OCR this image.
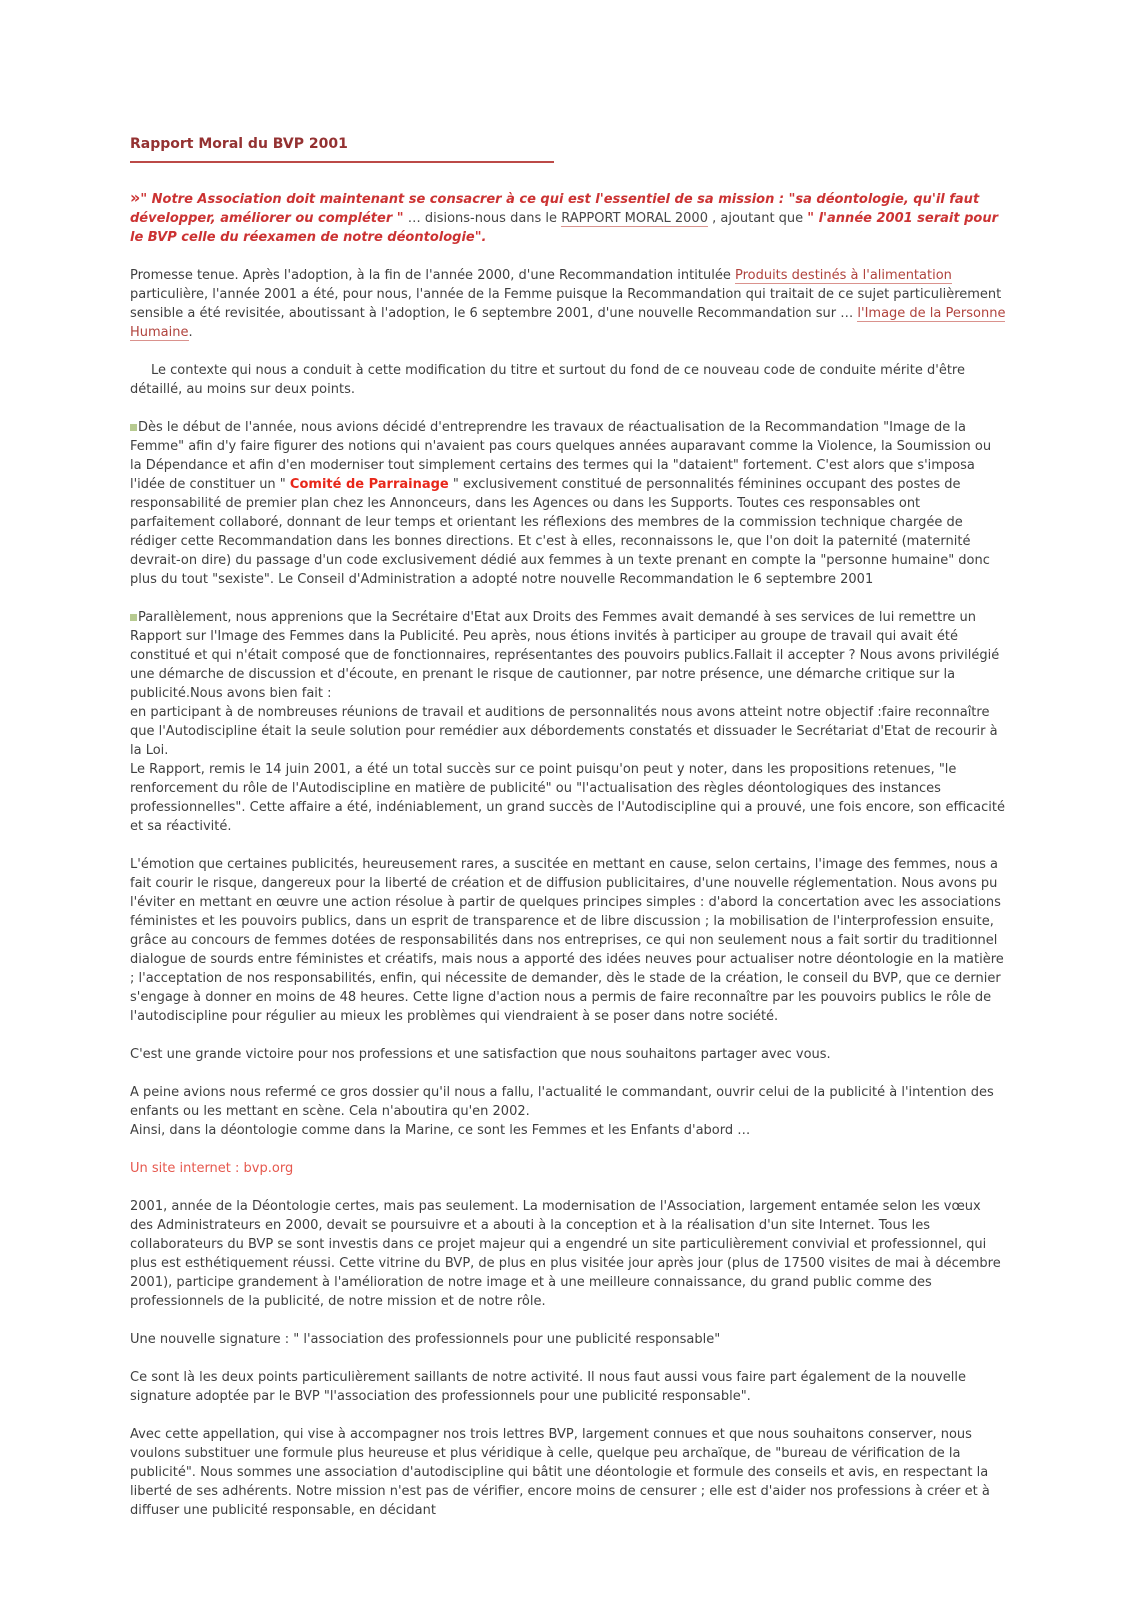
Rapport Moral du BVP 2001

» " Notre Association doit maintenant se consacrer à ce qui est l'essentiel de sa mission : "sa déontologie, qu'il faut développer, améliorer ou compléter " … disions-nous dans le RAPPORT MORAL 2000 , ajoutant que " l'année 2001 serait pour le BVP celle du réexamen de notre déontologie".

Promesse tenue. Après l'adoption, à la fin de l'année 2000, d'une Recommandation intitulée Produits destinés à l'alimentation particulière, l'année 2001 a été, pour nous, l'année de la Femme puisque la Recommandation qui traitait de ce sujet particulièrement sensible a été revisitée, aboutissant à l'adoption, le 6 septembre 2001, d'une nouvelle Recommandation sur … l'Image de la Personne Humaine.

Le contexte qui nous a conduit à cette modification du titre et surtout du fond de ce nouveau code de conduite mérite d'être détaillé, au moins sur deux points.

Dès le début de l'année, nous avions décidé d'entreprendre les travaux de réactualisation de la Recommandation "Image de la Femme" afin d'y faire figurer des notions qui n'avaient pas cours quelques années auparavant comme la Violence, la Soumission ou la Dépendance et afin d'en moderniser tout simplement certains des termes qui la "dataient" fortement. C'est alors que s'imposa l'idée de constituer un " Comité de Parrainage " exclusivement constitué de personnalités féminines occupant des postes de responsabilité de premier plan chez les Annonceurs, dans les Agences ou dans les Supports. Toutes ces responsables ont parfaitement collaboré, donnant de leur temps et orientant les réflexions des membres de la commission technique chargée de rédiger cette Recommandation dans les bonnes directions. Et c'est à elles, reconnaissons le, que l'on doit la paternité (maternité devrait-on dire) du passage d'un code exclusivement dédié aux femmes à un texte prenant en compte la "personne humaine" donc plus du tout "sexiste". Le Conseil d'Administration a adopté notre nouvelle Recommandation le 6 septembre 2001

Parallèlement, nous apprenions que la Secrétaire d'Etat aux Droits des Femmes avait demandé à ses services de lui remettre un Rapport sur l'Image des Femmes dans la Publicité. Peu après, nous étions invités à participer au groupe de travail qui avait été constitué et qui n'était composé que de fonctionnaires, représentantes des pouvoirs publics.Fallait il accepter ? Nous avons privilégié une démarche de discussion et d'écoute, en prenant le risque de cautionner, par notre présence, une démarche critique sur la publicité.Nous avons bien fait :
en participant à de nombreuses réunions de travail et auditions de personnalités nous avons atteint notre objectif :faire reconnaître que l'Autodiscipline était la seule solution pour remédier aux débordements constatés et dissuader le Secrétariat d'Etat de recourir à la Loi.
Le Rapport, remis le 14 juin 2001, a été un total succès sur ce point puisqu'on peut y noter, dans les propositions retenues, "le renforcement du rôle de l'Autodiscipline en matière de publicité" ou "l'actualisation des règles déontologiques des instances professionnelles". Cette affaire a été, indéniablement, un grand succès de l'Autodiscipline qui a prouvé, une fois encore, son efficacité et sa réactivité.

L'émotion que certaines publicités, heureusement rares, a suscitée en mettant en cause, selon certains, l'image des femmes, nous a fait courir le risque, dangereux pour la liberté de création et de diffusion publicitaires, d'une nouvelle réglementation. Nous avons pu l'éviter en mettant en œuvre une action résolue à partir de quelques principes simples : d'abord la concertation avec les associations féministes et les pouvoirs publics, dans un esprit de transparence et de libre discussion ; la mobilisation de l'interprofession ensuite, grâce au concours de femmes dotées de responsabilités dans nos entreprises, ce qui non seulement nous a fait sortir du traditionnel dialogue de sourds entre féministes et créatifs, mais nous a apporté des idées neuves pour actualiser notre déontologie en la matière ; l'acceptation de nos responsabilités, enfin, qui nécessite de demander, dès le stade de la création, le conseil du BVP, que ce dernier s'engage à donner en moins de 48 heures. Cette ligne d'action nous a permis de faire reconnaître par les pouvoirs publics le rôle de l'autodiscipline pour régulier au mieux les problèmes qui viendraient à se poser dans notre société.

C'est une grande victoire pour nos professions et une satisfaction que nous souhaitons partager avec vous.

A peine avions nous refermé ce gros dossier qu'il nous a fallu, l'actualité le commandant, ouvrir celui de la publicité à l'intention des enfants ou les mettant en scène. Cela n'aboutira qu'en 2002.
Ainsi, dans la déontologie comme dans la Marine, ce sont les Femmes et les Enfants d'abord …

Un site internet : bvp.org

2001, année de la Déontologie certes, mais pas seulement. La modernisation de l'Association, largement entamée selon les vœux des Administrateurs en 2000, devait se poursuivre et a abouti à la conception et à la réalisation d'un site Internet. Tous les collaborateurs du BVP se sont investis dans ce projet majeur qui a engendré un site particulièrement convivial et professionnel, qui plus est esthétiquement réussi. Cette vitrine du BVP, de plus en plus visitée jour après jour (plus de 17500 visites de mai à décembre 2001), participe grandement à l'amélioration de notre image et à une meilleure connaissance, du grand public comme des professionnels de la publicité, de notre mission et de notre rôle.

Une nouvelle signature : " l'association des professionnels pour une publicité responsable"

Ce sont là les deux points particulièrement saillants de notre activité. Il nous faut aussi vous faire part également de la nouvelle signature adoptée par le BVP "l'association des professionnels pour une publicité responsable".

Avec cette appellation, qui vise à accompagner nos trois lettres BVP, largement connues et que nous souhaitons conserver, nous voulons substituer une formule plus heureuse et plus véridique à celle, quelque peu archaïque, de "bureau de vérification de la publicité". Nous sommes une association d'autodiscipline qui bâtit une déontologie et formule des conseils et avis, en respectant la liberté de ses adhérents. Notre mission n'est pas de vérifier, encore moins de censurer ; elle est d'aider nos professions à créer et à diffuser une publicité responsable, en décidant
